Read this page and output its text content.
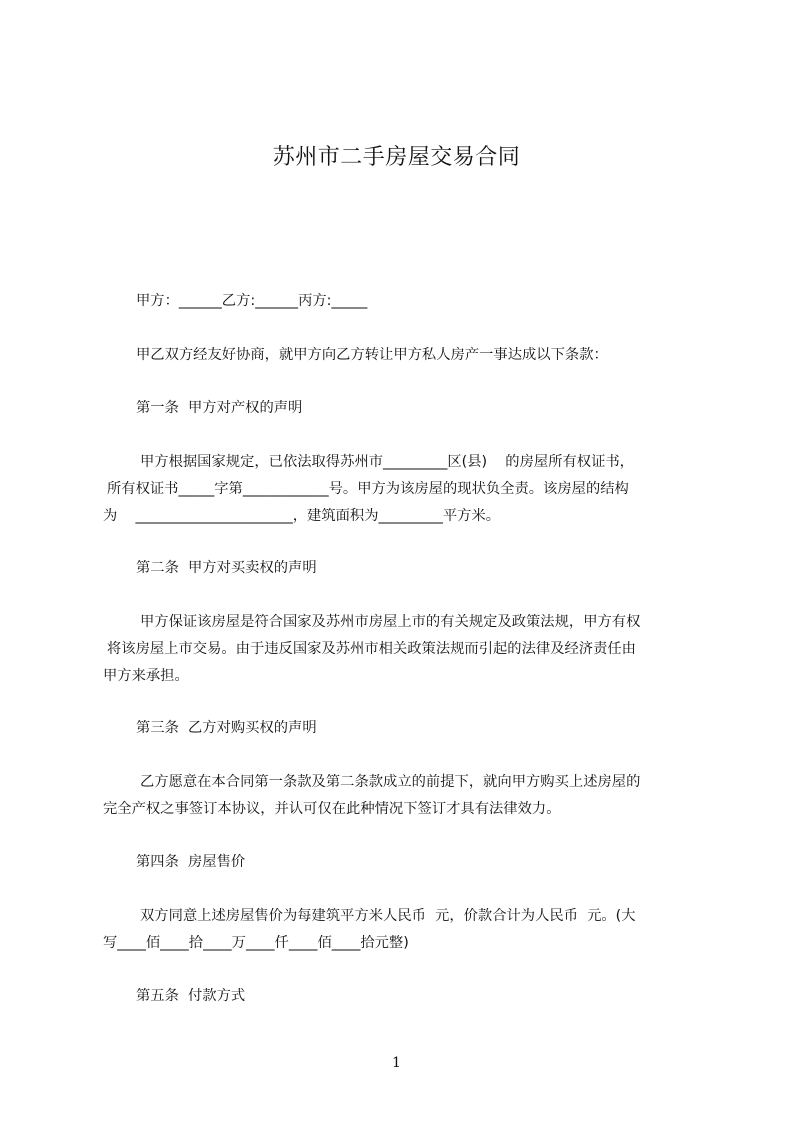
苏州市二手房屋交易合同
甲方：______乙方:______丙方:_____
甲乙双方经友好协商，就甲方向乙方转让甲方私人房产一事达成以下条款：
第一条  甲方对产权的声明
甲方根据国家规定，已依法取得苏州市_________区(县)    的房屋所有权证书，
所有权证书_____字第____________号。甲方为该房屋的现状负全责。该房屋的结构
为    ______________________，建筑面积为_________平方米。
第二条  甲方对买卖权的声明
甲方保证该房屋是符合国家及苏州市房屋上市的有关规定及政策法规，甲方有权
将该房屋上市交易。由于违反国家及苏州市相关政策法规而引起的法律及经济责任由
甲方来承担。
第三条  乙方对购买权的声明
乙方愿意在本合同第一条款及第二条款成立的前提下，就向甲方购买上述房屋的
完全产权之事签订本协议，并认可仅在此种情况下签订才具有法律效力。
第四条  房屋售价
双方同意上述房屋售价为每建筑平方米人民币  元，价款合计为人民币  元。(大
写____佰____拾____万____仟____佰____拾元整)
第五条  付款方式
1
